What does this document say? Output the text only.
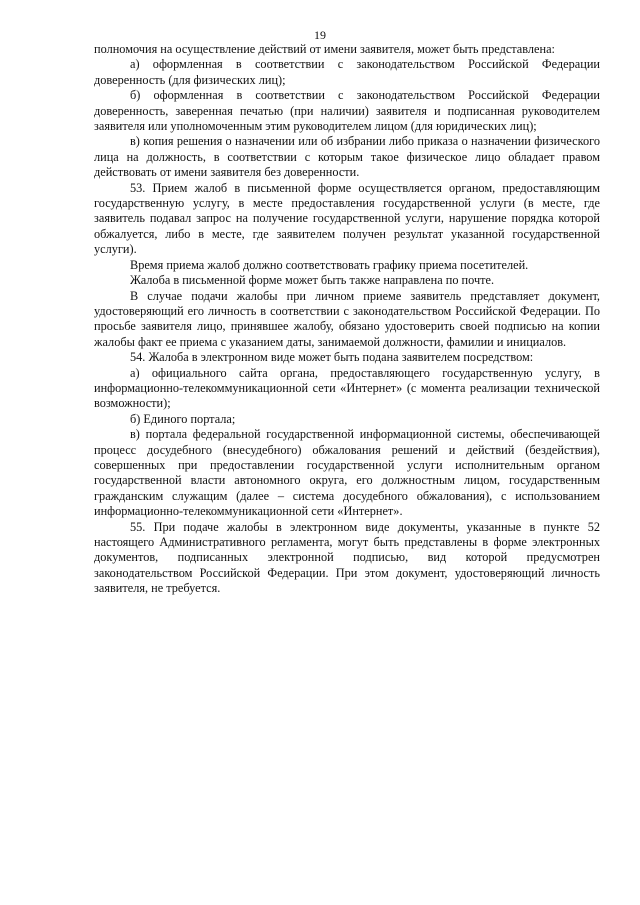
19

полномочия на осуществление действий от имени заявителя, может быть представлена:

а) оформленная в соответствии с законодательством Российской Федерации доверенность (для физических лиц);

б) оформленная в соответствии с законодательством Российской Федерации доверенность, заверенная печатью (при наличии) заявителя и подписанная руководителем заявителя или уполномоченным этим руководителем лицом (для юридических лиц);

в) копия решения о назначении или об избрании либо приказа о назначении физического лица на должность, в соответствии с которым такое физическое лицо обладает правом действовать от имени заявителя без доверенности.

53. Прием жалоб в письменной форме осуществляется органом, предоставляющим государственную услугу, в месте предоставления государственной услуги (в месте, где заявитель подавал запрос на получение государственной услуги, нарушение порядка которой обжалуется, либо в месте, где заявителем получен результат указанной государственной услуги).

Время приема жалоб должно соответствовать графику приема посетителей.

Жалоба в письменной форме может быть также направлена по почте.

В случае подачи жалобы при личном приеме заявитель представляет документ, удостоверяющий его личность в соответствии с законодательством Российской Федерации. По просьбе заявителя лицо, принявшее жалобу, обязано удостоверить своей подписью на копии жалобы факт ее приема с указанием даты, занимаемой должности, фамилии и инициалов.

54. Жалоба в электронном виде может быть подана заявителем посредством:

а) официального сайта органа, предоставляющего государственную услугу, в информационно-телекоммуникационной сети «Интернет» (с момента реализации технической возможности);

б) Единого портала;

в) портала федеральной государственной информационной системы, обеспечивающей процесс досудебного (внесудебного) обжалования решений и действий (бездействия), совершенных при предоставлении государственной услуги исполнительным органом государственной власти автономного округа, его должностным лицом, государственным гражданским служащим (далее – система досудебного обжалования), с использованием информационно-телекоммуникационной сети «Интернет».

55. При подаче жалобы в электронном виде документы, указанные в пункте 52 настоящего Административного регламента, могут быть представлены в форме электронных документов, подписанных электронной подписью, вид которой предусмотрен законодательством Российской Федерации. При этом документ, удостоверяющий личность заявителя, не требуется.
